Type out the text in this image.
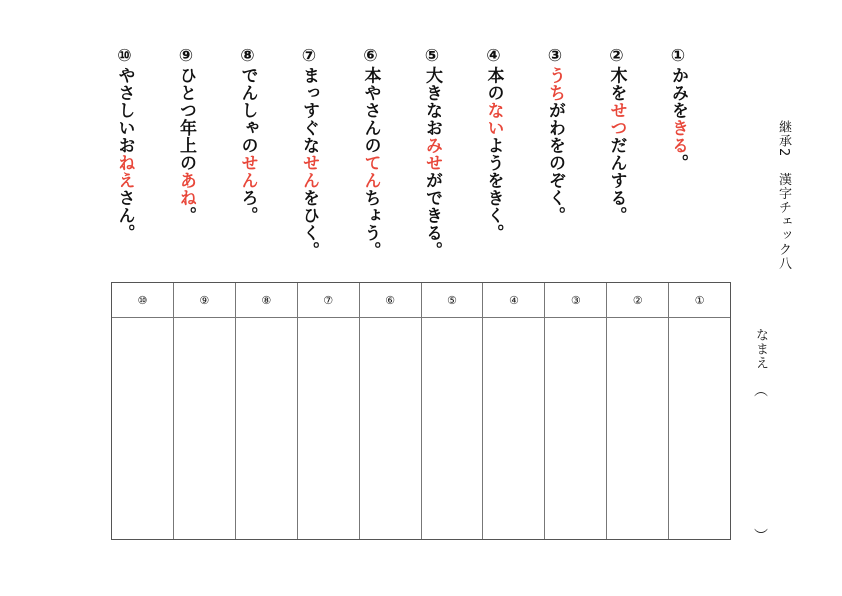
継承2 漢字チェック八
なまえ
（
）
①かみをきる。
②木をせつだんする。
③うちがわをのぞく。
④本のないようをきく。
⑤大きなおみせができる。
⑥本やさんのてんちょう。
⑦まっすぐなせんをひく。
⑧でんしゃのせんろ。
⑨ひとつ年上のあね。
⑩やさしいおねえさん。
⑩	⑨	⑧	⑦	⑥	⑤	④	③	②	①
